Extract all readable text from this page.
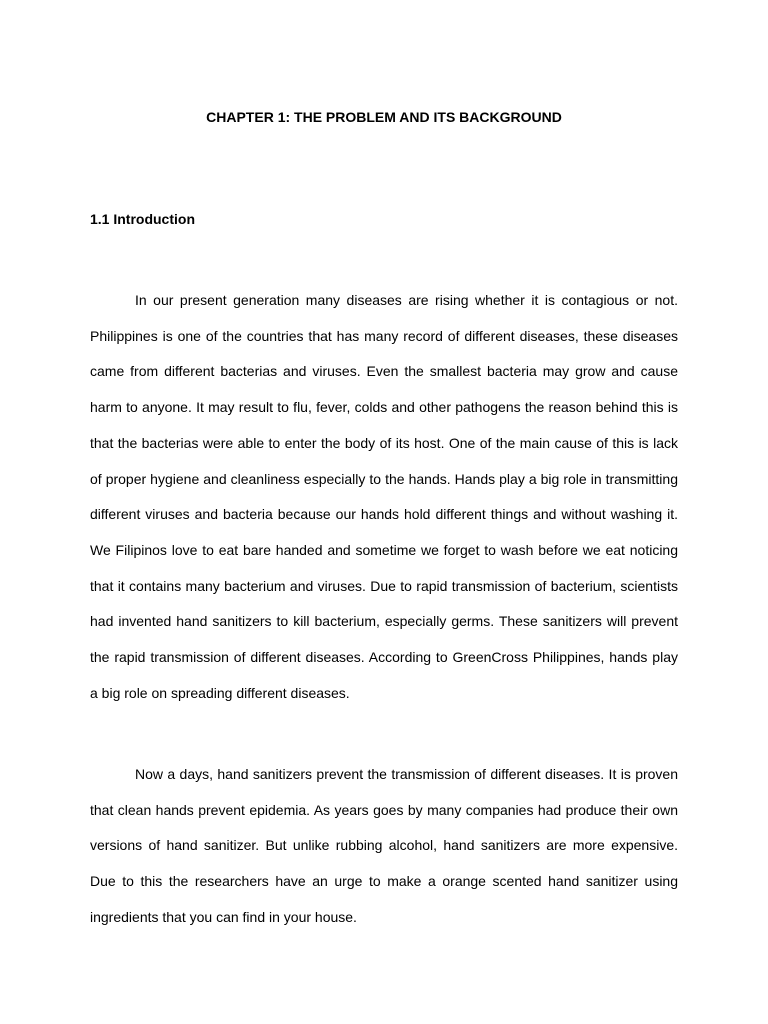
CHAPTER 1: THE PROBLEM AND ITS BACKGROUND
1.1 Introduction

In our present generation many diseases are rising whether it is contagious or not. Philippines is one of the countries that has many record of different diseases, these diseases came from different bacterias and viruses. Even the smallest bacteria may grow and cause harm to anyone. It may result to flu, fever, colds and other pathogens the reason behind this is that the bacterias were able to enter the body of its host. One of the main cause of this is lack of proper hygiene and cleanliness especially to the hands. Hands play a big role in transmitting different viruses and bacteria because our hands hold different things and without washing it. We Filipinos love to eat bare handed and sometime we forget to wash before we eat noticing that it contains many bacterium and viruses. Due to rapid transmission of bacterium, scientists had invented hand sanitizers to kill bacterium, especially germs. These sanitizers will prevent the rapid transmission of different diseases. According to GreenCross Philippines, hands play a big role on spreading different diseases.

Now a days, hand sanitizers prevent the transmission of different diseases. It is proven that clean hands prevent epidemia. As years goes by many companies had produce their own versions of hand sanitizer. But unlike rubbing alcohol, hand sanitizers are more expensive. Due to this the researchers have an urge to make a orange scented hand sanitizer using ingredients that you can find in your house.
